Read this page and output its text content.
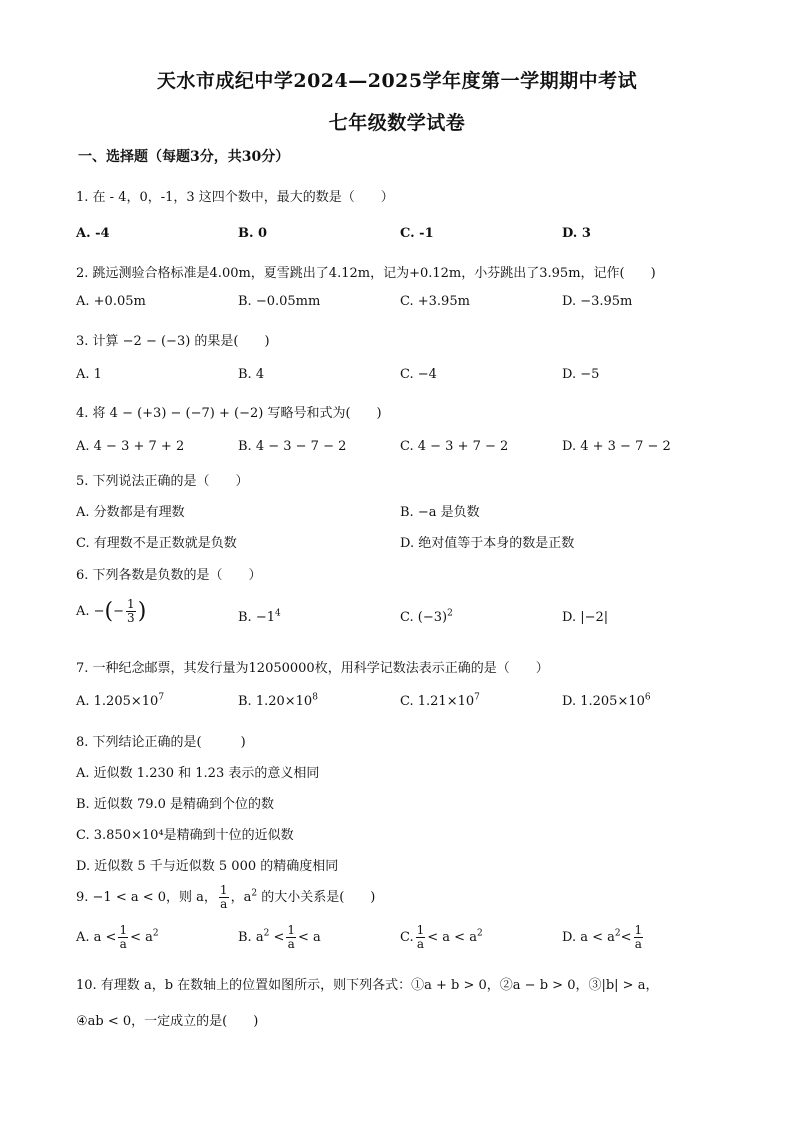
天水市成纪中学2024—2025学年度第一学期期中考试
七年级数学试卷
一、选择题（每题3分，共30分）
1. 在 - 4，0，-1，3 这四个数中，最大的数是（　　）
A. -4	B. 0	C. -1	D. 3
2. 跳远测验合格标准是4.00m，夏雪跳出了4.12m，记为+0.12m，小芬跳出了3.95m，记作(　　)
A. +0.05m	B. −0.05mm	C. +3.95m	D. −3.95m
3. 计算 −2 − (−3) 的果是(　　)
A. 1	B. 4	C. −4	D. −5
4. 将 4 − (+3) − (−7) + (−2) 写略号和式为(　　)
A. 4 − 3 + 7 + 2	B. 4 − 3 − 7 − 2	C. 4 − 3 + 7 − 2	D. 4 + 3 − 7 − 2
5. 下列说法正确的是（　　）
A. 分数都是有理数	B. −a 是负数
C. 有理数不是正数就是负数	D. 绝对值等于本身的数是正数
6. 下列各数是负数的是（　　）
A. −(− $\frac{1}{3}$ )	B. $-1^4$	C. $(-3)^2$	D. |−2|
7. 一种纪念邮票，其发行量为12050000枚，用科学记数法表示正确的是（　　）
A. $1.205\times 10^7$	B. $1.20\times 10^8$	C. $1.21\times 10^7$	D. $1.205\times 10^6$
8. 下列结论正确的是(　　　)
A. 近似数 1.230 和 1.23 表示的意义相同
B. 近似数 79.0 是精确到个位的数
C. 3.850×10⁴是精确到十位的近似数
D. 近似数 5 千与近似数 5 000 的精确度相同
9. −1 < a < 0，则 a， $\frac{1}{a}$ ，$a^2$ 的大小关系是(　　)
A. $a < \frac{1}{a} < a^2$	B. $a^2 < \frac{1}{a} < a$	C. $\frac{1}{a} < a < a^2$	D. $a < a^2< \frac{1}{a}$
10. 有理数 a，b 在数轴上的位置如图所示，则下列各式：①a + b > 0，②a − b > 0，③|b| > a，
④ab < 0，一定成立的是(　　)
